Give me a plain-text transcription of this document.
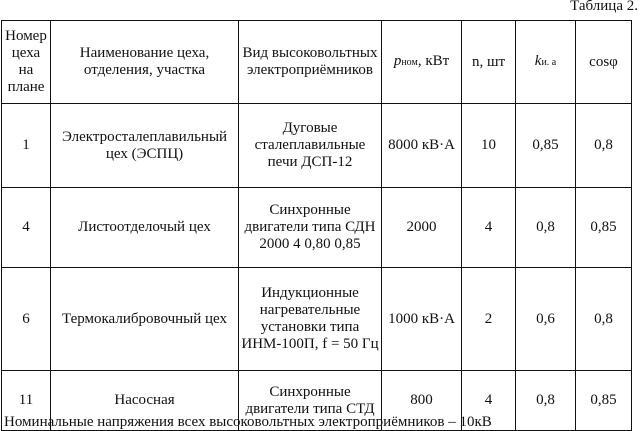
Таблица 2.
Номер цеха на плане	Наименование цеха, отделения, участка	Вид высоковольтных электроприёмников	pном, кВт	n, шт	kи. а	cosφ
1	Электросталеплавильный цех (ЭСПЦ)	Дуговые сталеплавильные печи ДСП-12	8000 кВ·А	10	0,85	0,8
4	Листоотделочый цех	Синхронные двигатели типа СДН 2000 4 0,80 0,85	2000	4	0,8	0,85
6	Термокалибровочный цех	Индукционные нагревательные установки типа ИНМ-100П, f = 50 Гц	1000 кВ·А	2	0,6	0,8
11	Насосная	Синхронные двигатели типа СТД	800	4	0,8	0,85
Номинальные напряжения всех высоковольтных электроприёмников – 10кВ
